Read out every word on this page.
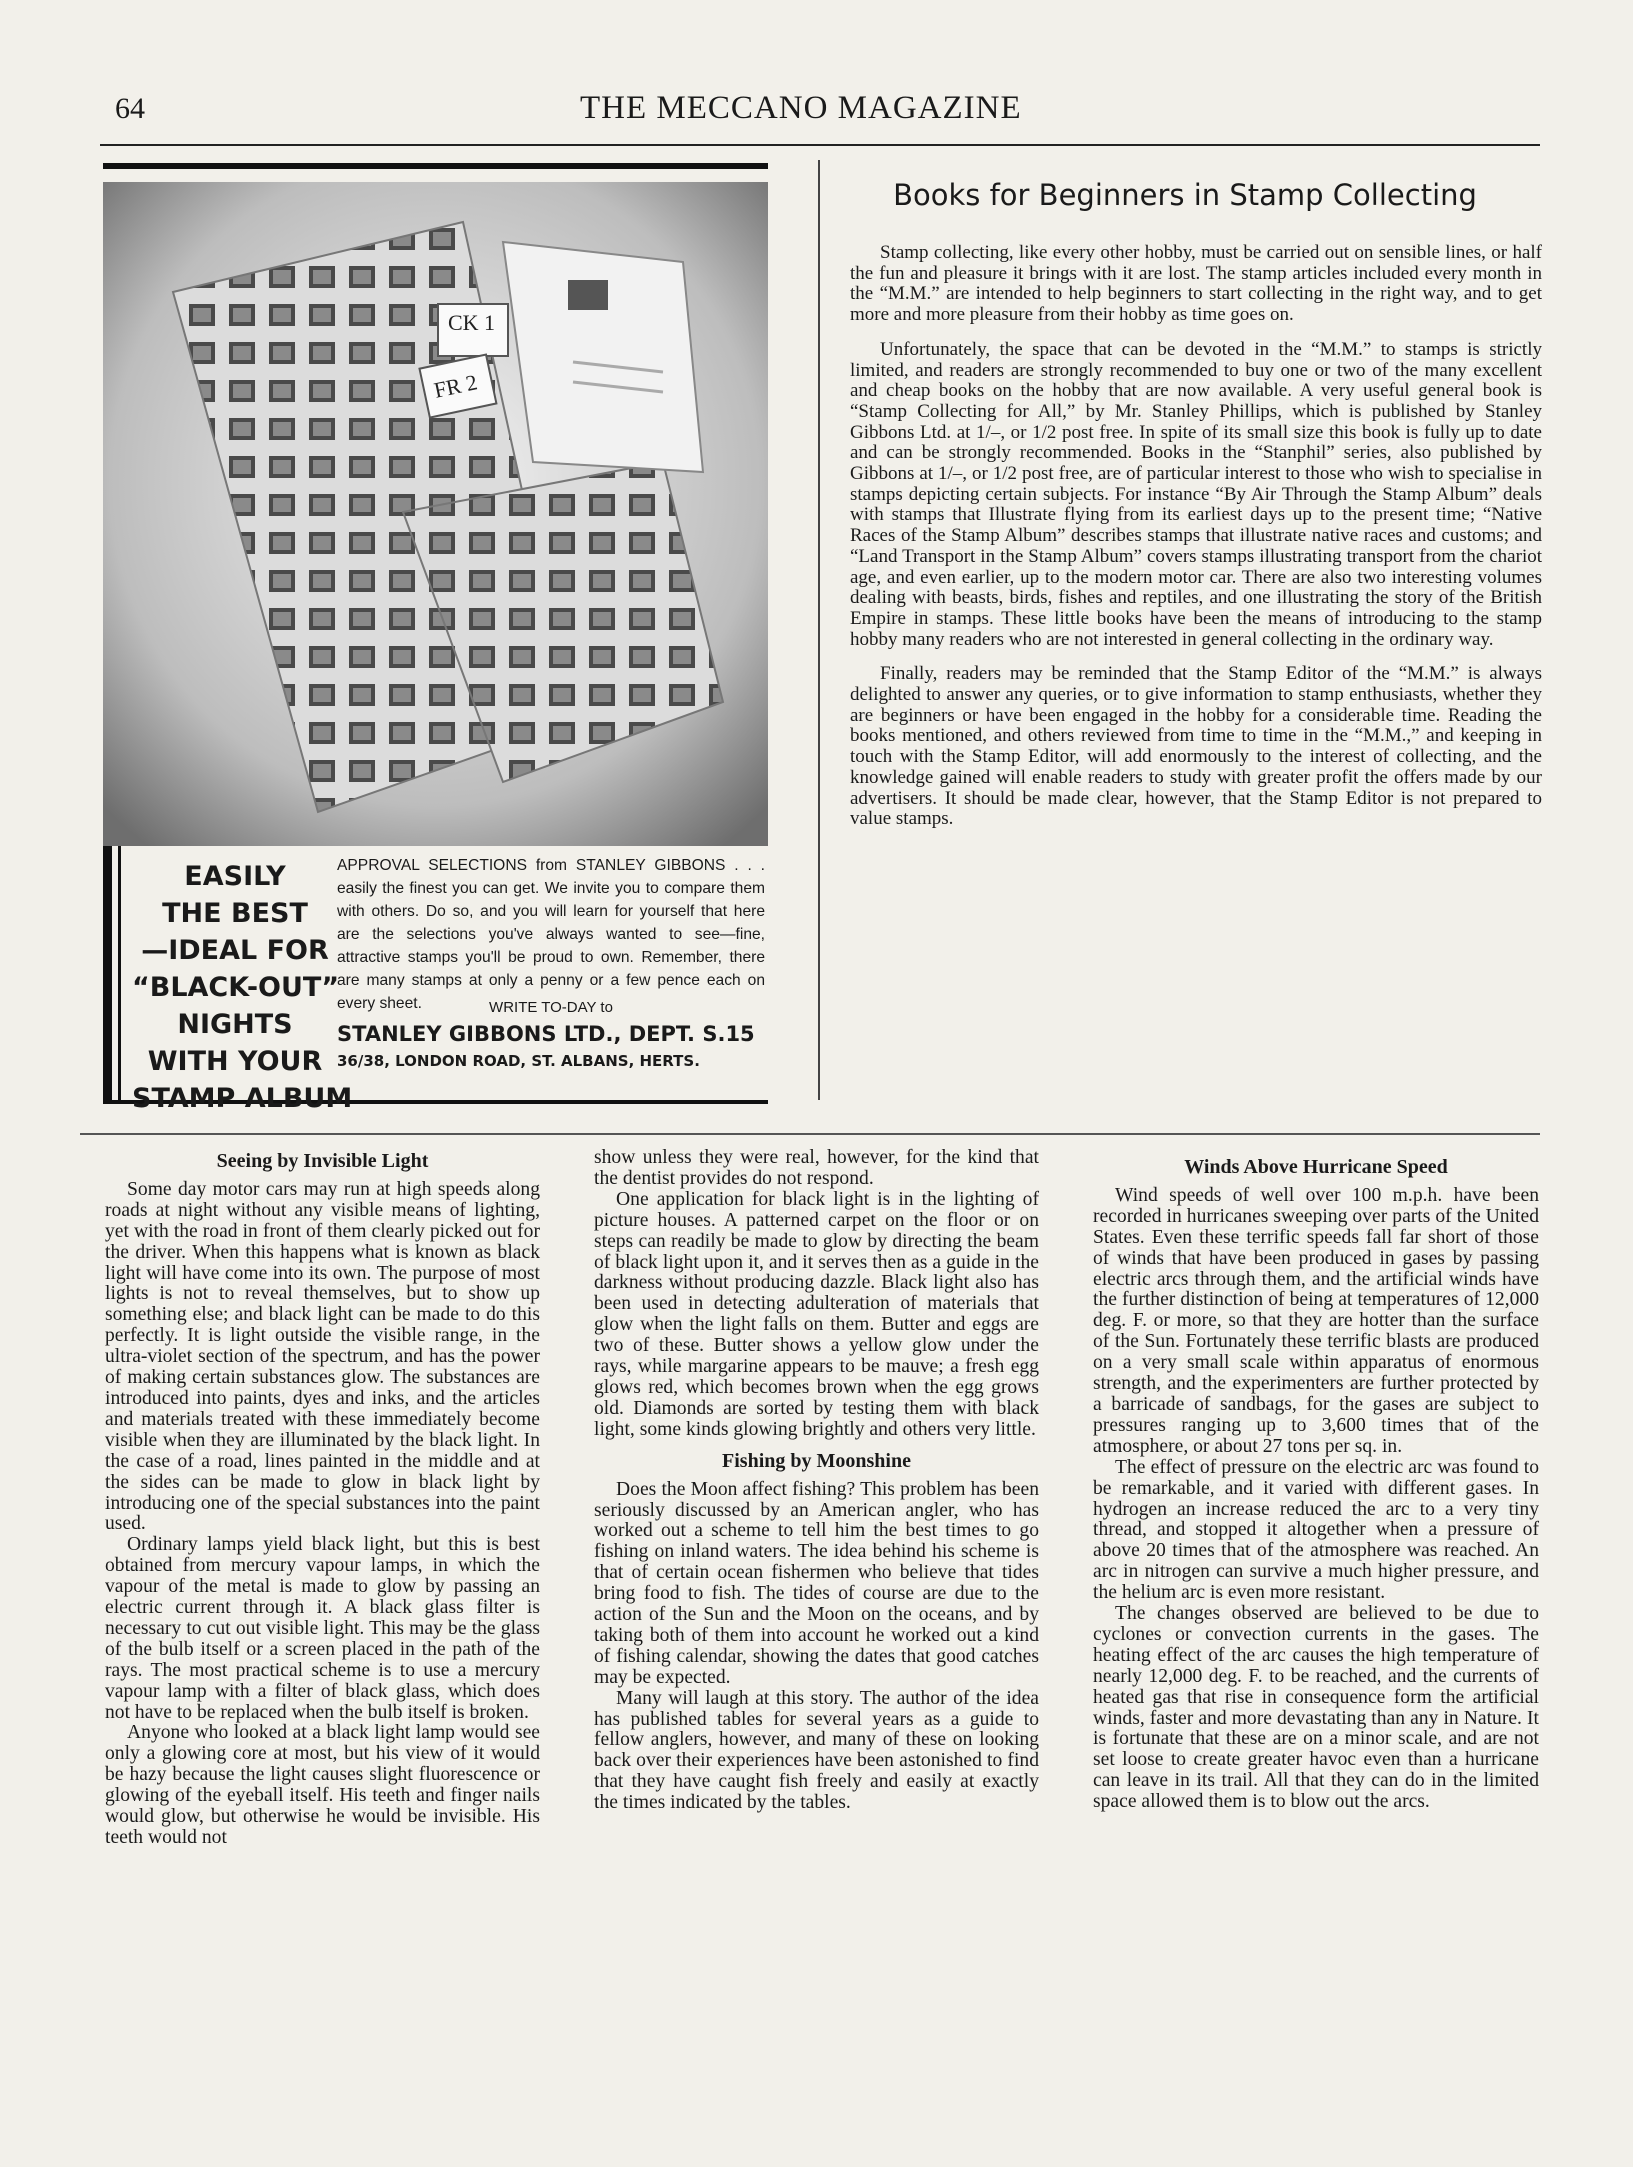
64	THE MECCANO MAGAZINE
CK 1
FR 2
EASILY
THE BEST
—IDEAL FOR
“BLACK-OUT”
NIGHTS
WITH YOUR
STAMP ALBUM
APPROVAL SELECTIONS from STANLEY GIBBONS . . . easily the finest you can get. We invite you to compare them with others. Do so, and you will learn for yourself that here are the selections you've always wanted to see—fine, attractive stamps you'll be proud to own. Remember, there are many stamps at only a penny or a few pence each on every sheet.	WRITE TO-DAY to
STANLEY GIBBONS LTD., DEPT. S.15
36/38, LONDON ROAD, ST. ALBANS, HERTS.
Books for Beginners in Stamp Collecting

Stamp collecting, like every other hobby, must be carried out on sensible lines, or half the fun and pleasure it brings with it are lost. The stamp articles included every month in the “M.M.” are intended to help beginners to start collecting in the right way, and to get more and more pleasure from their hobby as time goes on.

Unfortunately, the space that can be devoted in the “M.M.” to stamps is strictly limited, and readers are strongly recommended to buy one or two of the many excellent and cheap books on the hobby that are now available. A very useful general book is “Stamp Collecting for All,” by Mr. Stanley Phillips, which is published by Stanley Gibbons Ltd. at 1/–, or 1/2 post free. In spite of its small size this book is fully up to date and can be strongly recommended. Books in the “Stanphil” series, also published by Gibbons at 1/–, or 1/2 post free, are of particular interest to those who wish to specialise in stamps depicting certain subjects. For instance “By Air Through the Stamp Album” deals with stamps that Illustrate flying from its earliest days up to the present time; “Native Races of the Stamp Album” describes stamps that illustrate native races and customs; and “Land Transport in the Stamp Album” covers stamps illustrating transport from the chariot age, and even earlier, up to the modern motor car. There are also two interesting volumes dealing with beasts, birds, fishes and reptiles, and one illustrating the story of the British Empire in stamps. These little books have been the means of introducing to the stamp hobby many readers who are not interested in general collecting in the ordinary way.

Finally, readers may be reminded that the Stamp Editor of the “M.M.” is always delighted to answer any queries, or to give information to stamp enthusiasts, whether they are beginners or have been engaged in the hobby for a considerable time. Reading the books mentioned, and others reviewed from time to time in the “M.M.,” and keeping in touch with the Stamp Editor, will add enormously to the interest of collecting, and the knowledge gained will enable readers to study with greater profit the offers made by our advertisers. It should be made clear, however, that the Stamp Editor is not prepared to value stamps.

Seeing by Invisible Light

Some day motor cars may run at high speeds along roads at night without any visible means of lighting, yet with the road in front of them clearly picked out for the driver. When this happens what is known as black light will have come into its own. The purpose of most lights is not to reveal themselves, but to show up something else; and black light can be made to do this perfectly. It is light outside the visible range, in the ultra-violet section of the spectrum, and has the power of making certain substances glow. The substances are introduced into paints, dyes and inks, and the articles and materials treated with these immediately become visible when they are illuminated by the black light. In the case of a road, lines painted in the middle and at the sides can be made to glow in black light by introducing one of the special substances into the paint used.

Ordinary lamps yield black light, but this is best obtained from mercury vapour lamps, in which the vapour of the metal is made to glow by passing an electric current through it. A black glass filter is necessary to cut out visible light. This may be the glass of the bulb itself or a screen placed in the path of the rays. The most practical scheme is to use a mercury vapour lamp with a filter of black glass, which does not have to be replaced when the bulb itself is broken.

Anyone who looked at a black light lamp would see only a glowing core at most, but his view of it would be hazy because the light causes slight fluorescence or glowing of the eyeball itself. His teeth and finger nails would glow, but otherwise he would be invisible. His teeth would not

show unless they were real, however, for the kind that the dentist provides do not respond.

One application for black light is in the lighting of picture houses. A patterned carpet on the floor or on steps can readily be made to glow by directing the beam of black light upon it, and it serves then as a guide in the darkness without producing dazzle. Black light also has been used in detecting adulteration of materials that glow when the light falls on them. Butter and eggs are two of these. Butter shows a yellow glow under the rays, while margarine appears to be mauve; a fresh egg glows red, which becomes brown when the egg grows old. Diamonds are sorted by testing them with black light, some kinds glowing brightly and others very little.

Fishing by Moonshine

Does the Moon affect fishing? This problem has been seriously discussed by an American angler, who has worked out a scheme to tell him the best times to go fishing on inland waters. The idea behind his scheme is that of certain ocean fishermen who believe that tides bring food to fish. The tides of course are due to the action of the Sun and the Moon on the oceans, and by taking both of them into account he worked out a kind of fishing calendar, showing the dates that good catches may be expected.

Many will laugh at this story. The author of the idea has published tables for several years as a guide to fellow anglers, however, and many of these on looking back over their experiences have been astonished to find that they have caught fish freely and easily at exactly the times indicated by the tables.

Winds Above Hurricane Speed

Wind speeds of well over 100 m.p.h. have been recorded in hurricanes sweeping over parts of the United States. Even these terrific speeds fall far short of those of winds that have been produced in gases by passing electric arcs through them, and the artificial winds have the further distinction of being at temperatures of 12,000 deg. F. or more, so that they are hotter than the surface of the Sun. Fortunately these terrific blasts are produced on a very small scale within apparatus of enormous strength, and the experimenters are further protected by a barricade of sandbags, for the gases are subject to pressures ranging up to 3,600 times that of the atmosphere, or about 27 tons per sq. in.

The effect of pressure on the electric arc was found to be remarkable, and it varied with different gases. In hydrogen an increase reduced the arc to a very tiny thread, and stopped it altogether when a pressure of above 20 times that of the atmosphere was reached. An arc in nitrogen can survive a much higher pressure, and the helium arc is even more resistant.

The changes observed are believed to be due to cyclones or convection currents in the gases. The heating effect of the arc causes the high temperature of nearly 12,000 deg. F. to be reached, and the currents of heated gas that rise in consequence form the artificial winds, faster and more devastating than any in Nature. It is fortunate that these are on a minor scale, and are not set loose to create greater havoc even than a hurricane can leave in its trail. All that they can do in the limited space allowed them is to blow out the arcs.
